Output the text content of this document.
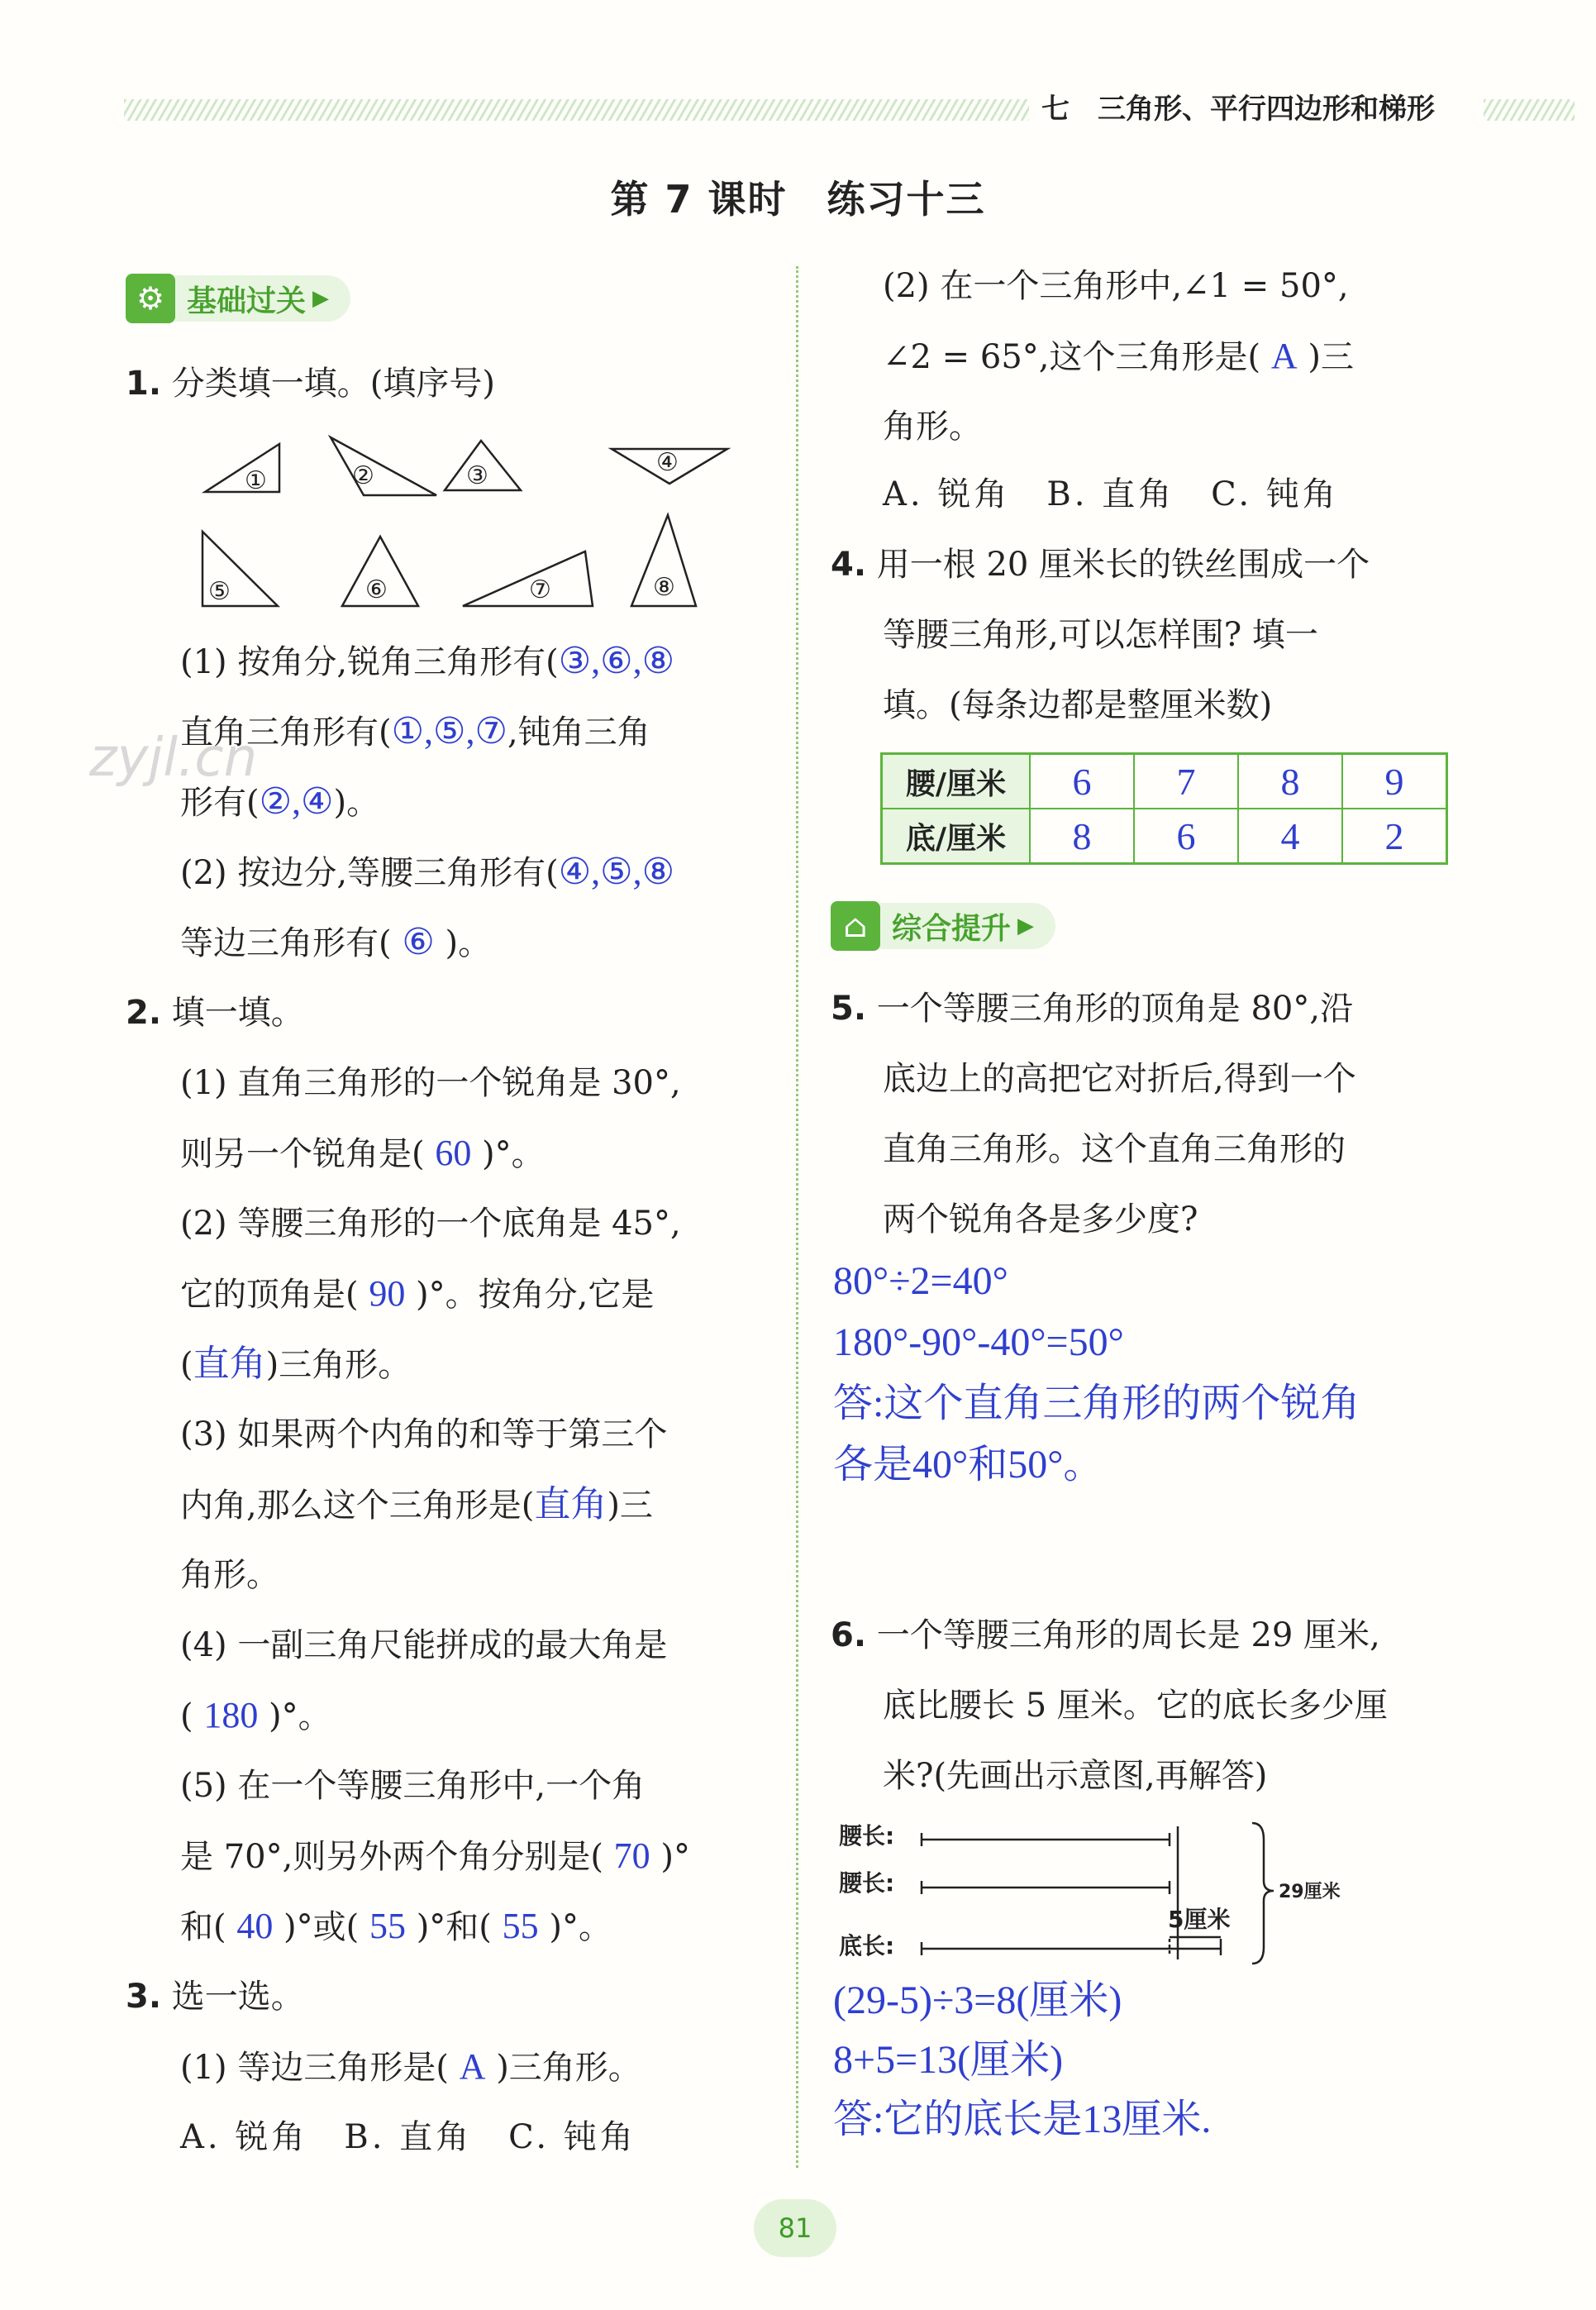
七　三角形、平行四边形和梯形
第 7 课时　练习十三
zyjl.cn
⚙ 基础过关 ▶
1. 分类填一填。(填序号)
①	②	③	④
⑤	⑥	⑦	⑧
(1) 按角分,锐角三角形有(③,⑥,⑧
直角三角形有(①,⑤,⑦,钝角三角
形有(②,④)。
(2) 按边分,等腰三角形有(④,⑤,⑧
等边三角形有( ⑥ )。
2. 填一填。
(1) 直角三角形的一个锐角是 30°,
则另一个锐角是( 60 )°。
(2) 等腰三角形的一个底角是 45°,
它的顶角是( 90 )°。按角分,它是
(直角)三角形。
(3) 如果两个内角的和等于第三个
内角,那么这个三角形是(直角)三
角形。
(4) 一副三角尺能拼成的最大角是
( 180 )°。
(5) 在一个等腰三角形中,一个角
是 70°,则另外两个角分别是( 70 )°
和( 40 )°或( 55 )°和( 55 )°。
3. 选一选。
(1) 等边三角形是( A )三角形。
A. 锐角　B. 直角　C. 钝角
(2) 在一个三角形中,∠1 = 50°,
∠2 = 65°,这个三角形是( A )三
角形。
A. 锐角　B. 直角　C. 钝角
4. 用一根 20 厘米长的铁丝围成一个
等腰三角形,可以怎样围? 填一
填。(每条边都是整厘米数)
腰/厘米	6	7	8	9
底/厘米	8	6	4	2
⌂ 综合提升 ▶
5. 一个等腰三角形的顶角是 80°,沿
底边上的高把它对折后,得到一个
直角三角形。这个直角三角形的
两个锐角各是多少度?
80°÷2=40°
180°-90°-40°=50°
答:这个直角三角形的两个锐角
各是40°和50°。
6. 一个等腰三角形的周长是 29 厘米,
底比腰长 5 厘米。它的底长多少厘
米?(先画出示意图,再解答)
腰长:
腰长:
底长:
5厘米
29厘米
(29-5)÷3=8(厘米)
8+5=13(厘米)
答:它的底长是13厘米.
81
